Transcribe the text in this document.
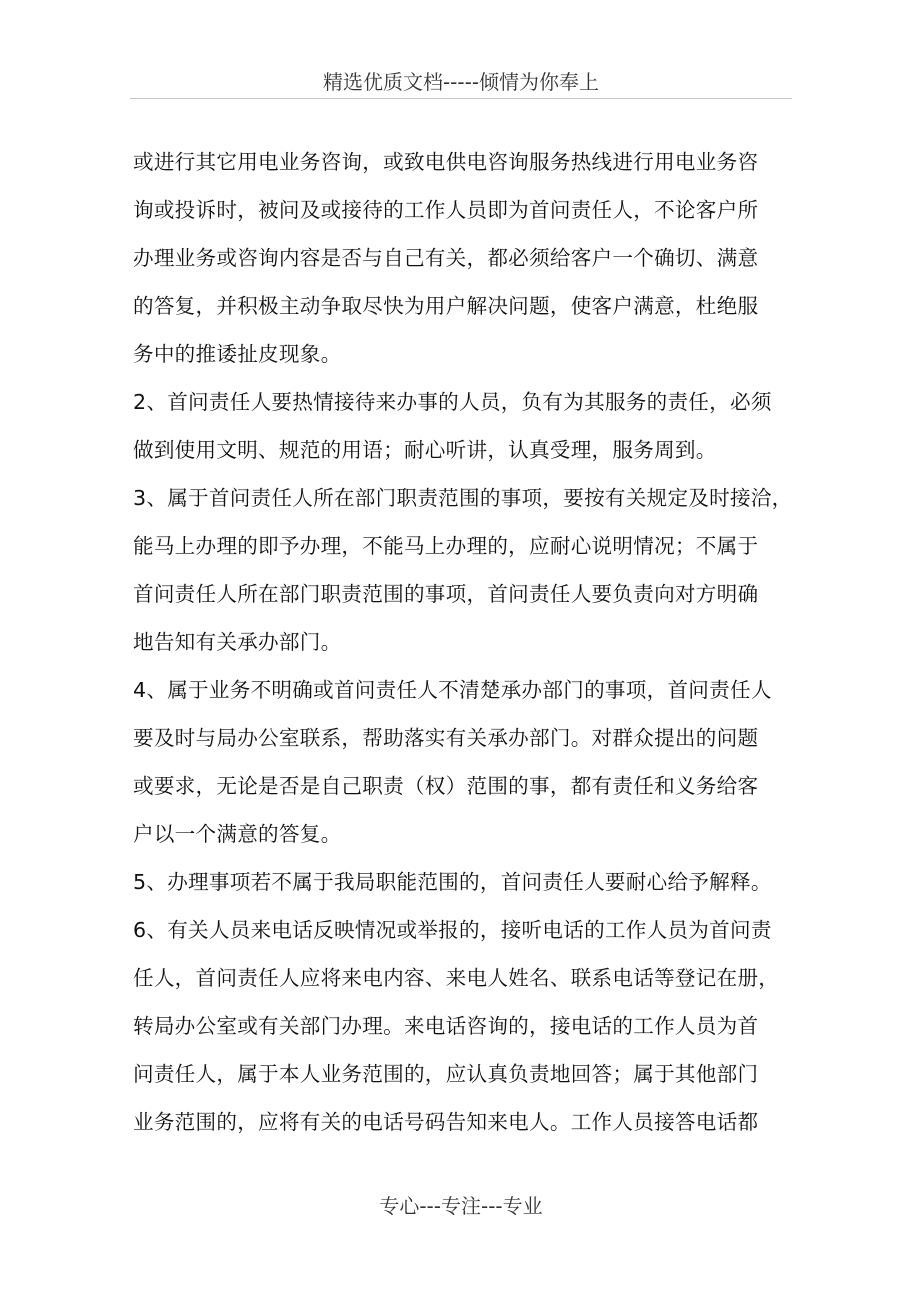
精选优质文档-----倾情为你奉上

或进行其它用电业务咨询，或致电供电咨询服务热线进行用电业务咨
询或投诉时，被问及或接待的工作人员即为首问责任人，不论客户所
办理业务或咨询内容是否与自己有关，都必须给客户一个确切、满意
的答复，并积极主动争取尽快为用户解决问题，使客户满意，杜绝服
务中的推诿扯皮现象。

2、首问责任人要热情接待来办事的人员，负有为其服务的责任，必须
做到使用文明、规范的用语；耐心听讲，认真受理，服务周到。

3、属于首问责任人所在部门职责范围的事项，要按有关规定及时接洽，
能马上办理的即予办理，不能马上办理的，应耐心说明情况；不属于
首问责任人所在部门职责范围的事项，首问责任人要负责向对方明确
地告知有关承办部门。

4、属于业务不明确或首问责任人不清楚承办部门的事项，首问责任人
要及时与局办公室联系，帮助落实有关承办部门。对群众提出的问题
或要求，无论是否是自己职责（权）范围的事，都有责任和义务给客
户以一个满意的答复。

5、办理事项若不属于我局职能范围的，首问责任人要耐心给予解释。

6、有关人员来电话反映情况或举报的，接听电话的工作人员为首问责
任人，首问责任人应将来电内容、来电人姓名、联系电话等登记在册，
转局办公室或有关部门办理。来电话咨询的，接电话的工作人员为首
问责任人，属于本人业务范围的，应认真负责地回答；属于其他部门
业务范围的，应将有关的电话号码告知来电人。工作人员接答电话都

专心---专注---专业
